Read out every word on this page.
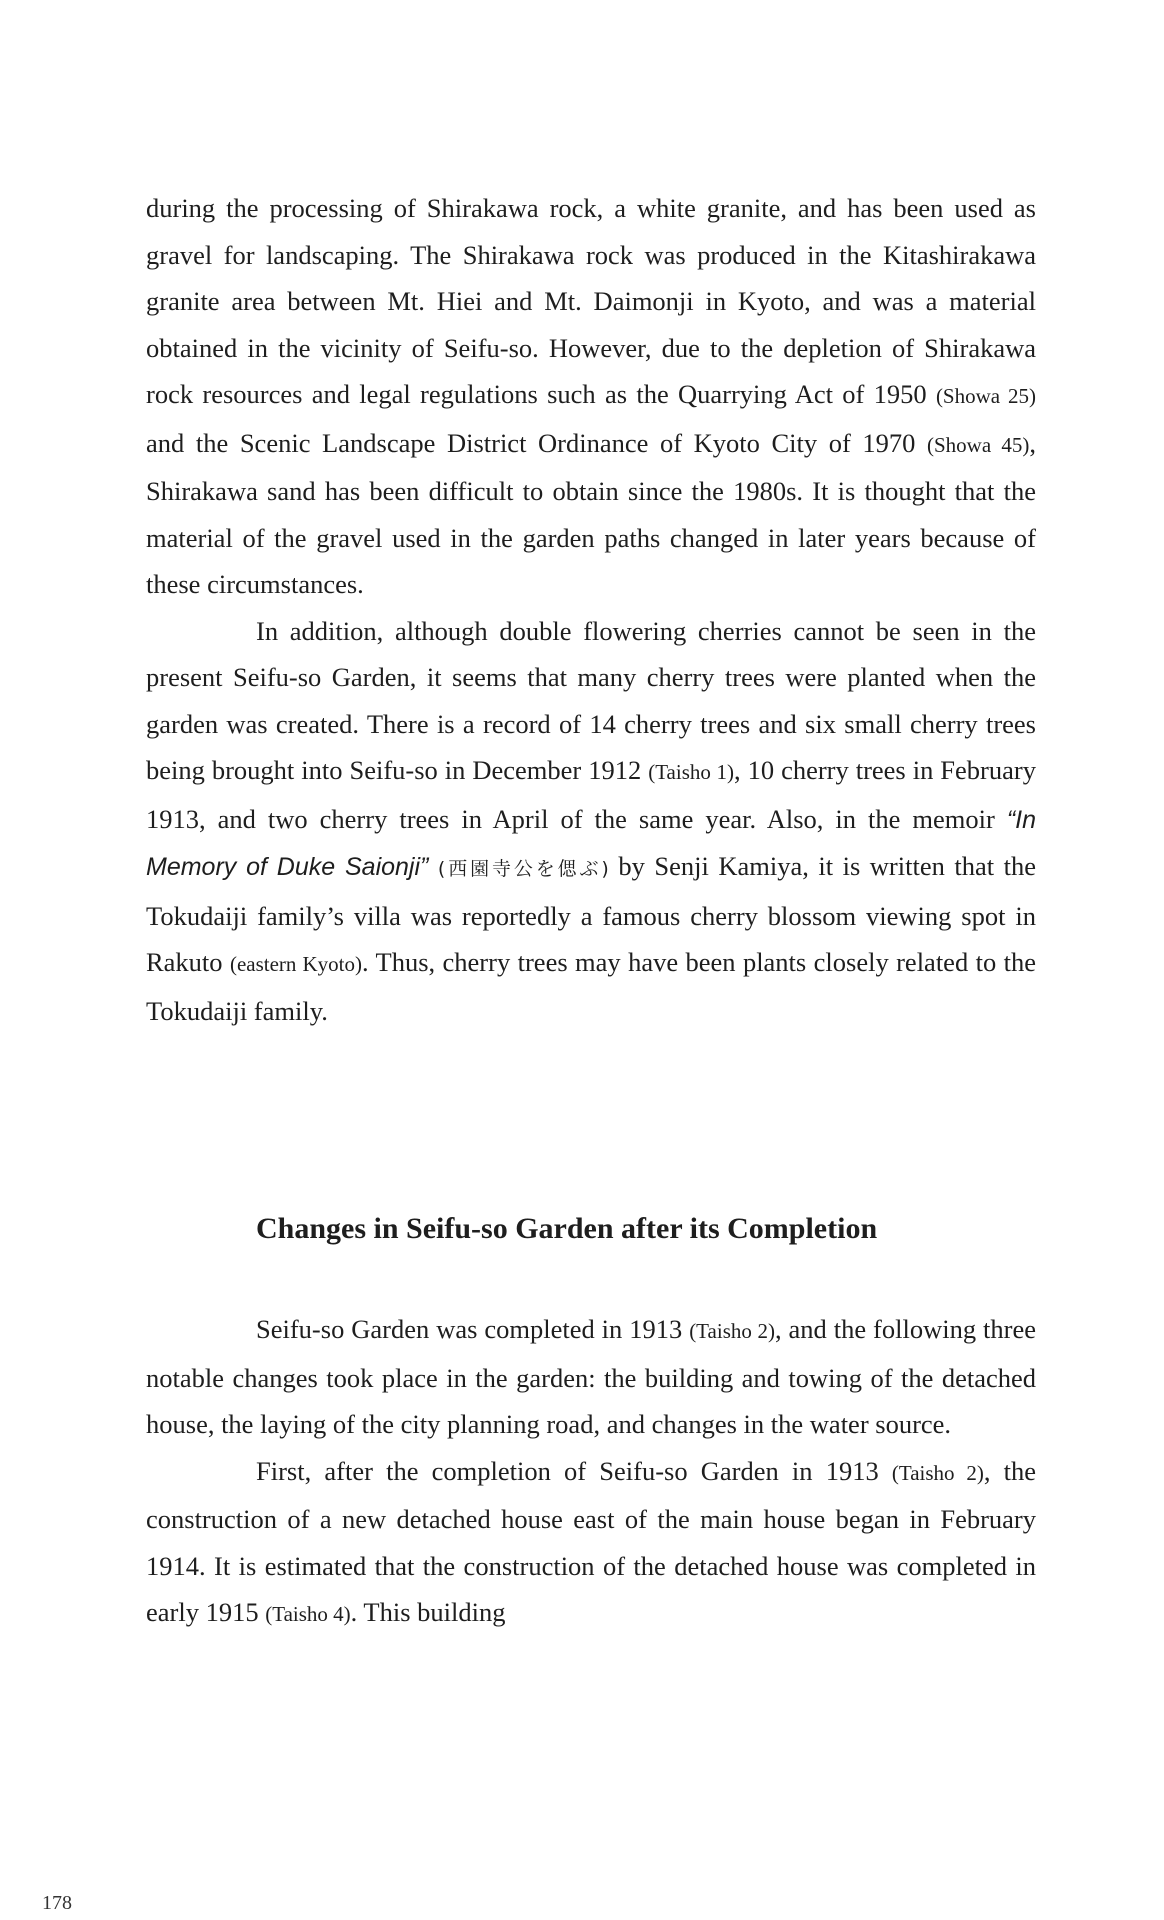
during the processing of Shirakawa rock, a white granite, and has been used as gravel for landscaping. The Shirakawa rock was produced in the Kitashirakawa granite area between Mt. Hiei and Mt. Daimonji in Kyoto, and was a material obtained in the vicinity of Seifu-so. However, due to the depletion of Shirakawa rock resources and legal regulations such as the Quarrying Act of 1950 (Showa 25) and the Scenic Landscape District Ordinance of Kyoto City of 1970 (Showa 45), Shirakawa sand has been difficult to obtain since the 1980s. It is thought that the material of the gravel used in the garden paths changed in later years because of these circumstances.

In addition, although double flowering cherries cannot be seen in the present Seifu-so Garden, it seems that many cherry trees were planted when the garden was created. There is a record of 14 cherry trees and six small cherry trees being brought into Seifu-so in December 1912 (Taisho 1), 10 cherry trees in February 1913, and two cherry trees in April of the same year. Also, in the memoir “In Memory of Duke Saionji” (西園寺公を偲ぶ) by Senji Kamiya, it is written that the Tokudaiji family’s villa was reportedly a famous cherry blossom viewing spot in Rakuto (eastern Kyoto). Thus, cherry trees may have been plants closely related to the Tokudaiji family.

Changes in Seifu-so Garden after its Completion

Seifu-so Garden was completed in 1913 (Taisho 2), and the following three notable changes took place in the garden: the building and towing of the detached house, the laying of the city planning road, and changes in the water source.

First, after the completion of Seifu-so Garden in 1913 (Taisho 2), the construction of a new detached house east of the main house began in February 1914. It is estimated that the construction of the detached house was completed in early 1915 (Taisho 4). This building

178
